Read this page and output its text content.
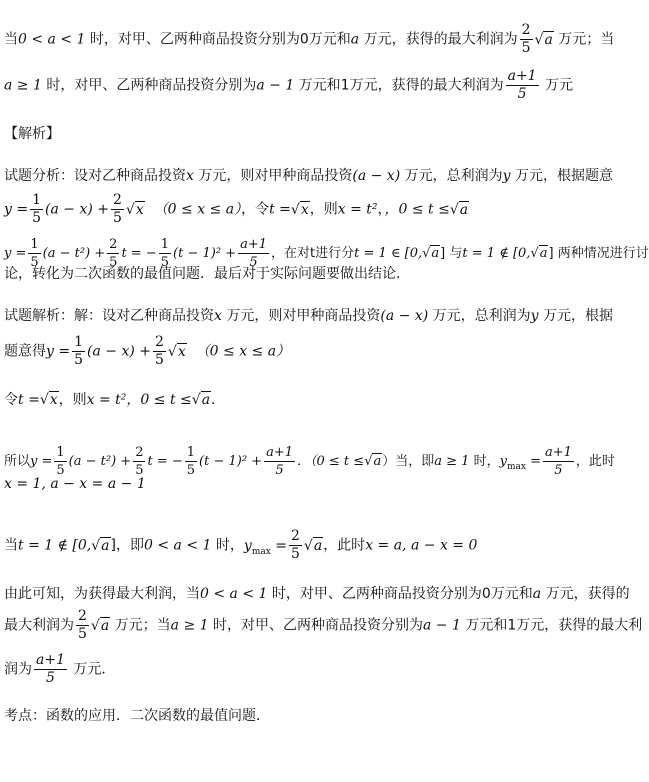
当0 < a < 1 时，对甲、乙两种商品投资分别为0万元和a 万元，获得的最大利润为 $\frac{2}{5} √a$ 万元；当
a ≥ 1 时，对甲、乙两种商品投资分别为a − 1 万元和1万元，获得的最大利润为 $\frac{a+1}{5}$ 万元
【解析】
试题分析：设对乙种商品投资x 万元，则对甲种商品投资(a − x) 万元，总利润为y 万元，根据题意
$y = \frac{1}{5} (a - x) + \frac{2}{5} √x$ （0 ≤ x ≤ a），令t =√x，则x = t²，，0 ≤ t ≤√a
$y = \frac{1}{5} (a - t^2) + \frac{2}{5}$ t = − $\frac{1}{5} (t - 1)^2 + \frac{a+1}{5}$ ，在对t进行分t = 1 ∈ [0,√a] 与t = 1 ∉ [0,√a] 两种情况进行讨
论，转化为二次函数的最值问题．最后对于实际问题要做出结论．
试题解析：解：设对乙种商品投资x 万元，则对甲种商品投资(a − x) 万元，总利润为y 万元，根据
题意得$y = \frac{1}{5} (a - x) + \frac{2}{5} √x$ （0 ≤ x ≤ a）
令t =√x，则x = t²，0 ≤ t ≤√a．
所以$y = \frac{1}{5} (a - t^2) + \frac{2}{5}$ t = − $\frac{1}{5} (t - 1)^2 + \frac{a+1}{5}$ ．（0 ≤ t ≤√a）当，即a ≥ 1 时，$y_{max} = \frac{a+1}{5}$ ，此时
x = 1, a − x = a − 1
当t = 1 ∉ [0,√a]，即0 < a < 1 时，$y_{max} = \frac{2}{5} √a$，此时x = a, a − x = 0
由此可知，为获得最大利润，当0 < a < 1 时，对甲、乙两种商品投资分别为0万元和a 万元，获得的
最大利润为 $\frac{2}{5} √a$ 万元；当a ≥ 1 时，对甲、乙两种商品投资分别为a − 1 万元和1万元，获得的最大利
润为 $\frac{a+1}{5}$ 万元．
考点：函数的应用．二次函数的最值问题．
